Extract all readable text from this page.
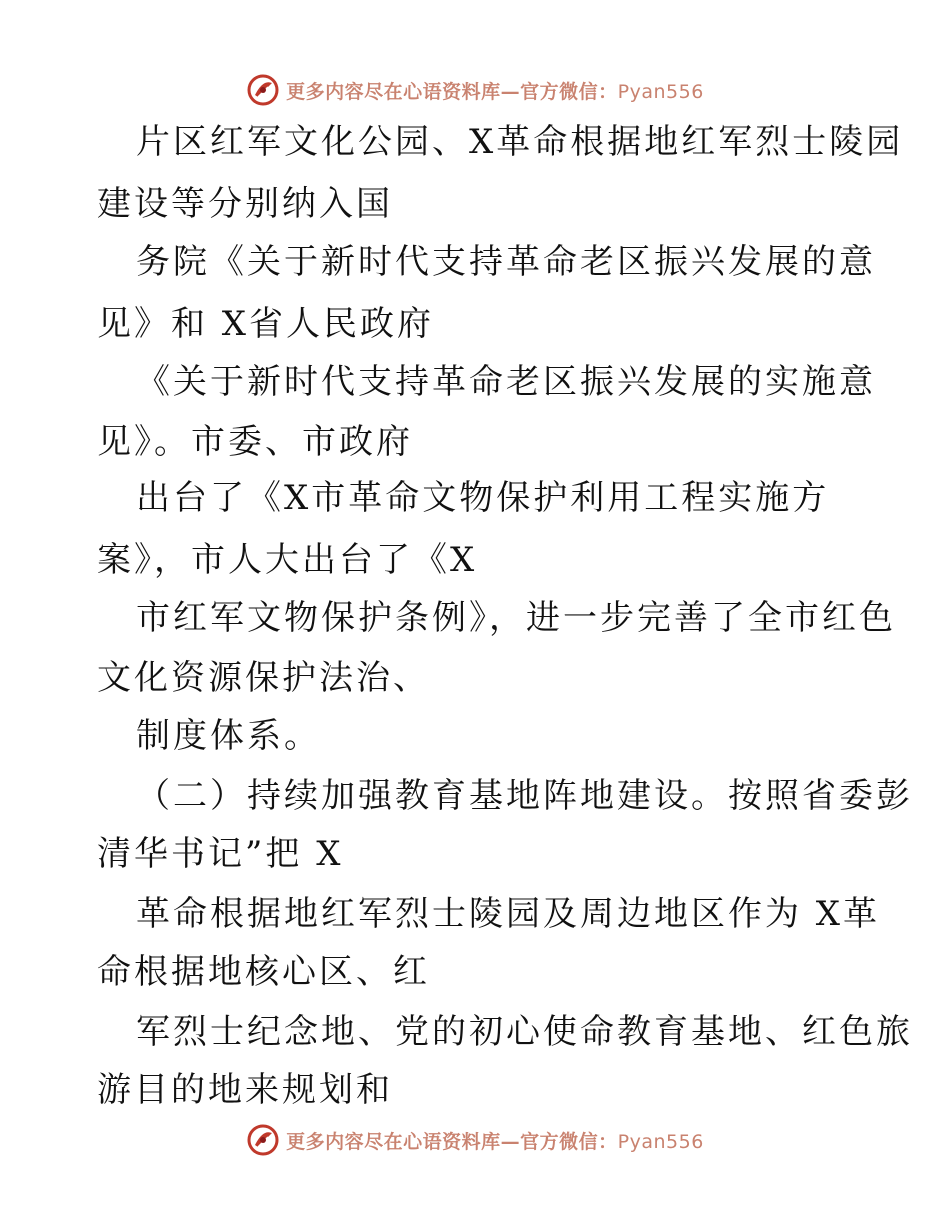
更多内容尽在心语资料库—官方微信：Pyan556
片区红军文化公园、X革命根据地红军烈士陵园
建设等分别纳入国
务院《关于新时代支持革命老区振兴发展的意
见》和 X省人民政府
《关于新时代支持革命老区振兴发展的实施意
见》。市委、市政府
出台了《X市革命文物保护利用工程实施方
案》，市人大出台了《X
市红军文物保护条例》，进一步完善了全市红色
文化资源保护法治、
制度体系。
（二）持续加强教育基地阵地建设。按照省委彭
清华书记”把 X
革命根据地红军烈士陵园及周边地区作为 X革
命根据地核心区、红
军烈士纪念地、党的初心使命教育基地、红色旅
游目的地来规划和
更多内容尽在心语资料库—官方微信：Pyan556
